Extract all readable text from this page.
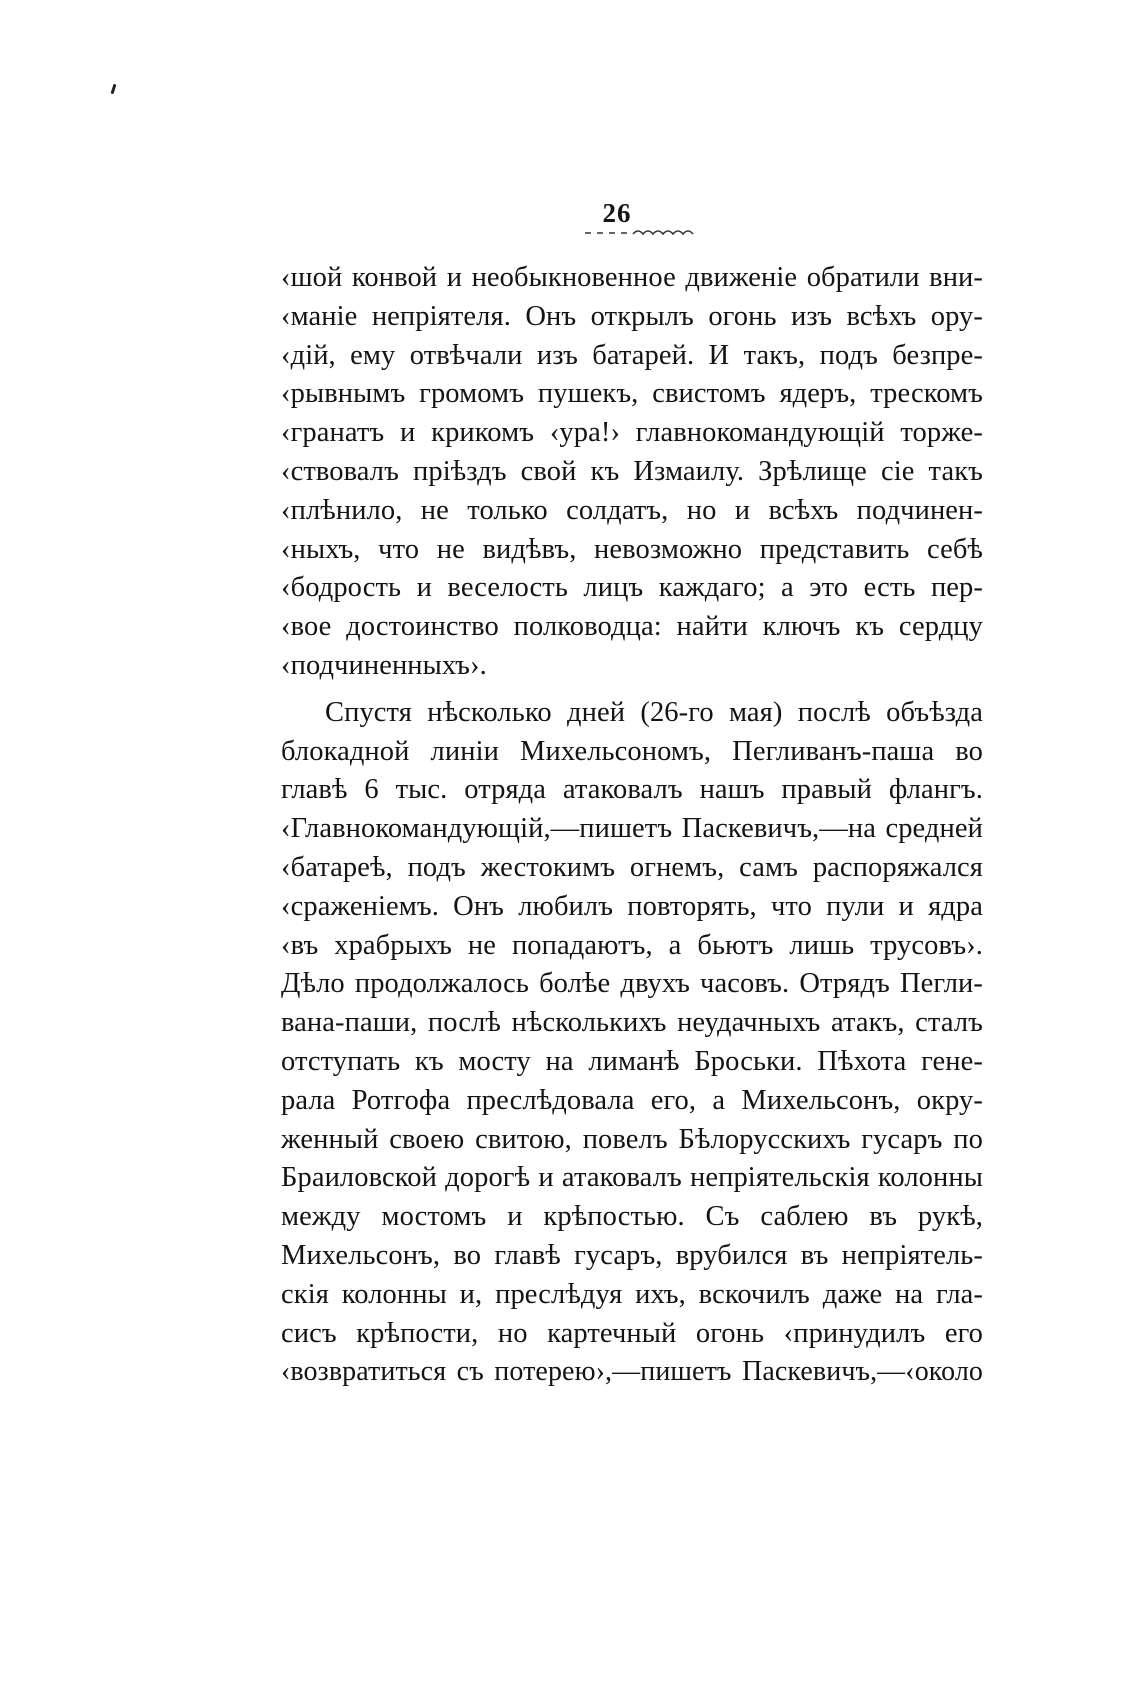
26
‹шой конвой и необыкновенное движенiе обратили вни-
‹манiе непрiятеля. Онъ открылъ огонь изъ всѣхъ ору-
‹дiй, ему отвѣчали изъ батарей. И такъ, подъ безпре-
‹рывнымъ громомъ пушекъ, свистомъ ядеръ, трескомъ
‹гранатъ и крикомъ ‹ура!› главнокомандующiй торже-
‹ствовалъ прiѣздъ свой къ Измаилу. Зрѣлище сiе такъ
‹плѣнило, не только солдатъ, но и всѣхъ подчинен-
‹ныхъ, что не видѣвъ, невозможно представить себѣ
‹бодрость и веселость лицъ каждаго; а это есть пер-
‹вое достоинство полководца: найти ключъ къ сердцу
‹подчиненныхъ›.
Спустя нѣсколько дней (26-го мая) послѣ объѣзда
блокадной линiи Михельсономъ, Пегливанъ-паша во
главѣ 6 тыс. отряда атаковалъ нашъ правый флангъ.
‹Главнокомандующiй,—пишетъ Паскевичъ,—на средней
‹батареѣ, подъ жестокимъ огнемъ, самъ распоряжался
‹сраженiемъ. Онъ любилъ повторять, что пули и ядра
‹въ храбрыхъ не попадаютъ, а бьютъ лишь трусовъ›.
Дѣло продолжалось болѣе двухъ часовъ. Отрядъ Пегли-
вана-паши, послѣ нѣсколькихъ неудачныхъ атакъ, сталъ
отступать къ мосту на лиманѣ Броськи. Пѣхота гене-
рала Ротгофа преслѣдовала его, а Михельсонъ, окру-
женный своею свитою, повелъ Бѣлорусскихъ гусаръ по
Браиловской дорогѣ и атаковалъ непрiятельскiя колонны
между мостомъ и крѣпостью. Съ саблею въ рукѣ,
Михельсонъ, во главѣ гусаръ, врубился въ непрiятель-
скiя колонны и, преслѣдуя ихъ, вскочилъ даже на гла-
сисъ крѣпости, но картечный огонь ‹принудилъ его
‹возвратиться съ потерею›,—пишетъ Паскевичъ,—‹около
